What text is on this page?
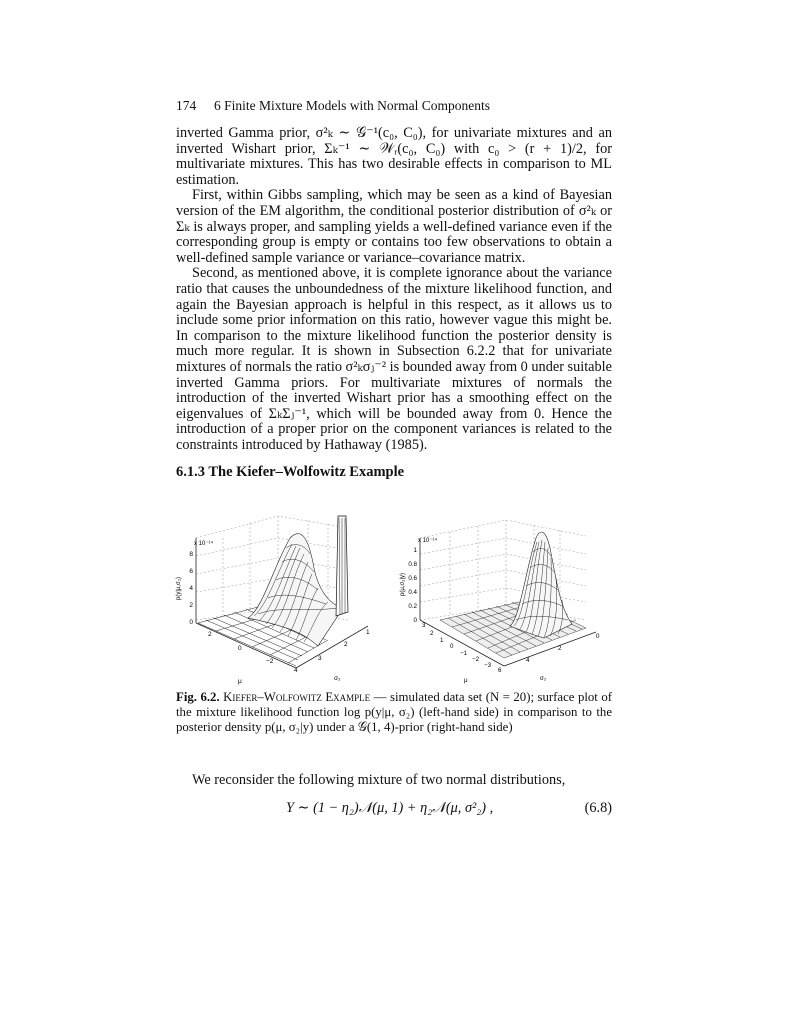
174 6 Finite Mixture Models with Normal Components

inverted Gamma prior, σ²ₖ ∼ 𝒢⁻¹(c₀, C₀), for univariate mixtures and an inverted Wishart prior, Σₖ⁻¹ ∼ 𝒲ᵣ(c₀, C₀) with c₀ > (r + 1)/2, for multivariate mixtures. This has two desirable effects in comparison to ML estimation.

First, within Gibbs sampling, which may be seen as a kind of Bayesian version of the EM algorithm, the conditional posterior distribution of σ²ₖ or Σₖ is always proper, and sampling yields a well-defined variance even if the corresponding group is empty or contains too few observations to obtain a well-defined sample variance or variance–covariance matrix.

Second, as mentioned above, it is complete ignorance about the variance ratio that causes the unboundedness of the mixture likelihood function, and again the Bayesian approach is helpful in this respect, as it allows us to include some prior information on this ratio, however vague this might be. In comparison to the mixture likelihood function the posterior density is much more regular. It is shown in Subsection 6.2.2 that for univariate mixtures of normals the ratio σ²ₖσⱼ⁻² is bounded away from 0 under suitable inverted Gamma priors. For multivariate mixtures of normals the introduction of the inverted Wishart prior has a smoothing effect on the eigenvalues of ΣₖΣⱼ⁻¹, which will be bounded away from 0. Hence the introduction of a proper prior on the component variances is related to the constraints introduced by Hathaway (1985).

6.1.3 The Kiefer–Wolfowitz Example
x 10⁻¹⁴
8
6
4
2
0
p(y|μ,σ₂)
2
0
−2
4
3
2
1
μ	σ₂
x 10⁻¹⁴
1
0.8
0.6
0.4
0.2
0
p(μ,σ₂|y)
3
2
1
0
−1
−2
−3
6
4
2
0
μ	σ₂
Fig. 6.2. Kiefer–Wolfowitz Example — simulated data set (N = 20); surface plot of the mixture likelihood function log p(y|μ, σ₂) (left-hand side) in comparison to the posterior density p(μ, σ₂|y) under a 𝒢(1, 4)-prior (right-hand side)
We reconsider the following mixture of two normal distributions,
Y ∼ (1 − η₂)𝒩(μ, 1) + η₂𝒩(μ, σ²₂) ,	(6.8)
